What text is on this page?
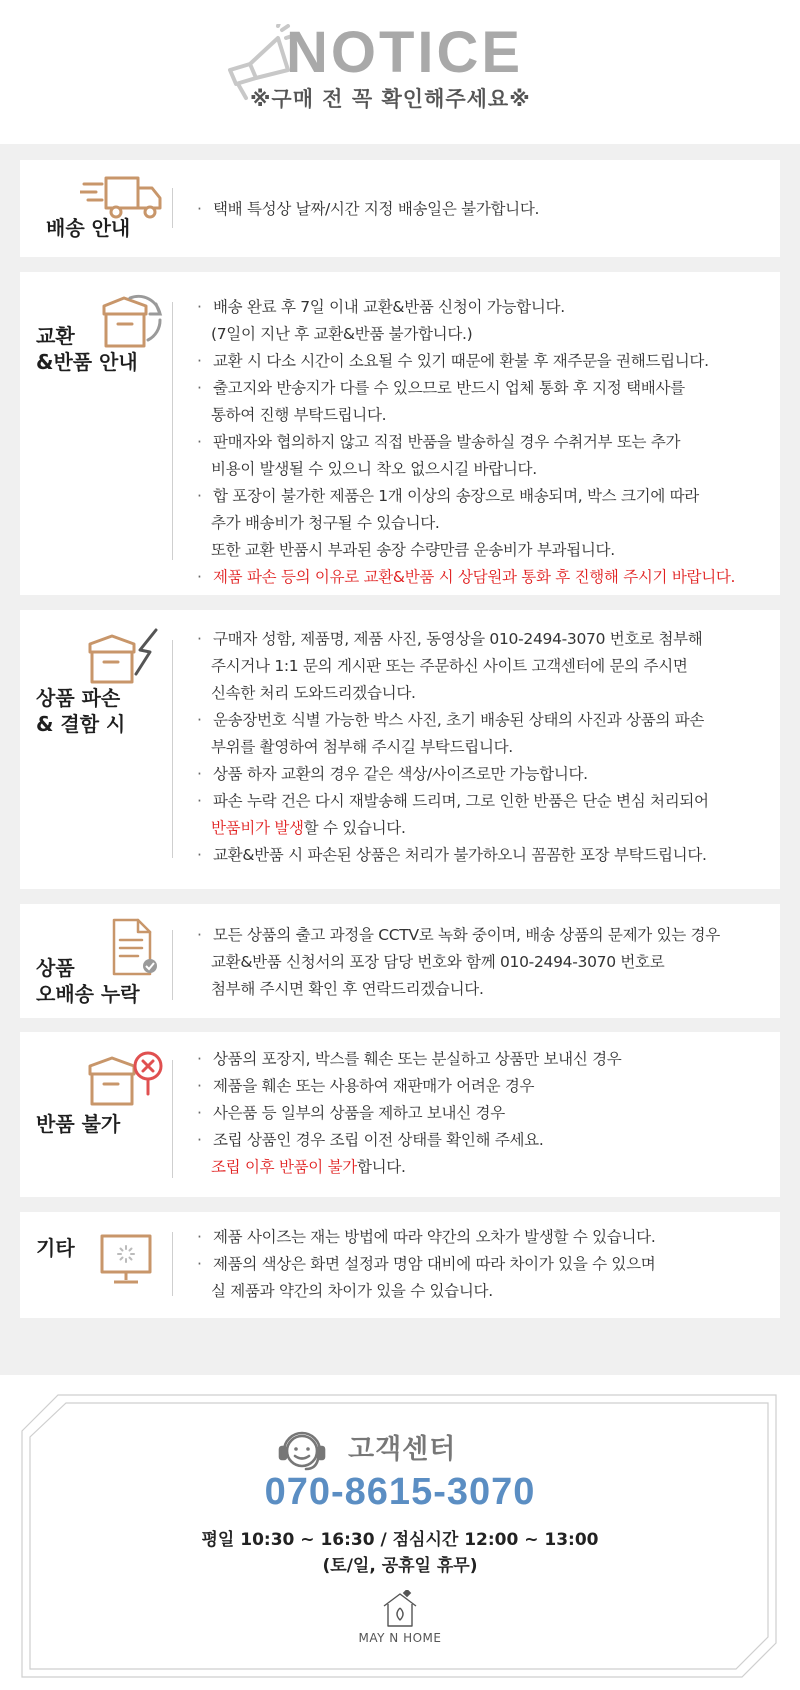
NOTICE
※구매 전 꼭 확인해주세요※
배송 안내
· 택배 특성상 날짜/시간 지정 배송일은 불가합니다.
교환
&반품 안내
· 배송 완료 후 7일 이내 교환&반품 신청이 가능합니다.
(7일이 지난 후 교환&반품 불가합니다.)
· 교환 시 다소 시간이 소요될 수 있기 때문에 환불 후 재주문을 권해드립니다.
· 출고지와 반송지가 다를 수 있으므로 반드시 업체 통화 후 지정 택배사를
통하여 진행 부탁드립니다.
· 판매자와 협의하지 않고 직접 반품을 발송하실 경우 수취거부 또는 추가
비용이 발생될 수 있으니 착오 없으시길 바랍니다.
· 합 포장이 불가한 제품은 1개 이상의 송장으로 배송되며, 박스 크기에 따라
추가 배송비가 청구될 수 있습니다.
또한 교환 반품시 부과된 송장 수량만큼 운송비가 부과됩니다.
· 제품 파손 등의 이유로 교환&반품 시 상담원과 통화 후 진행해 주시기 바랍니다.
상품 파손
& 결함 시
· 구매자 성함, 제품명, 제품 사진, 동영상을 010-2494-3070 번호로 첨부해
주시거나 1:1 문의 게시판 또는 주문하신 사이트 고객센터에 문의 주시면
신속한 처리 도와드리겠습니다.
· 운송장번호 식별 가능한 박스 사진, 초기 배송된 상태의 사진과 상품의 파손
부위를 촬영하여 첨부해 주시길 부탁드립니다.
· 상품 하자 교환의 경우 같은 색상/사이즈로만 가능합니다.
· 파손 누락 건은 다시 재발송해 드리며, 그로 인한 반품은 단순 변심 처리되어
반품비가 발생할 수 있습니다.
· 교환&반품 시 파손된 상품은 처리가 불가하오니 꼼꼼한 포장 부탁드립니다.
상품
오배송 누락
· 모든 상품의 출고 과정을 CCTV로 녹화 중이며, 배송 상품의 문제가 있는 경우
교환&반품 신청서의 포장 담당 번호와 함께 010-2494-3070 번호로
첨부해 주시면 확인 후 연락드리겠습니다.
반품 불가
· 상품의 포장지, 박스를 훼손 또는 분실하고 상품만 보내신 경우
· 제품을 훼손 또는 사용하여 재판매가 어려운 경우
· 사은품 등 일부의 상품을 제하고 보내신 경우
· 조립 상품인 경우 조립 이전 상태를 확인해 주세요.
조립 이후 반품이 불가합니다.
기타
·	제품 사이즈는 재는 방법에 따라 약간의 오차가 발생할 수 있습니다.
· 제품의 색상은 화면 설정과 명암 대비에 따라 차이가 있을 수 있으며
실 제품과 약간의 차이가 있을 수 있습니다.
고객센터
070-8615-3070
평일 10:30 ~ 16:30 / 점심시간 12:00 ~ 13:00
(토/일, 공휴일 휴무)
MAY N HOME
